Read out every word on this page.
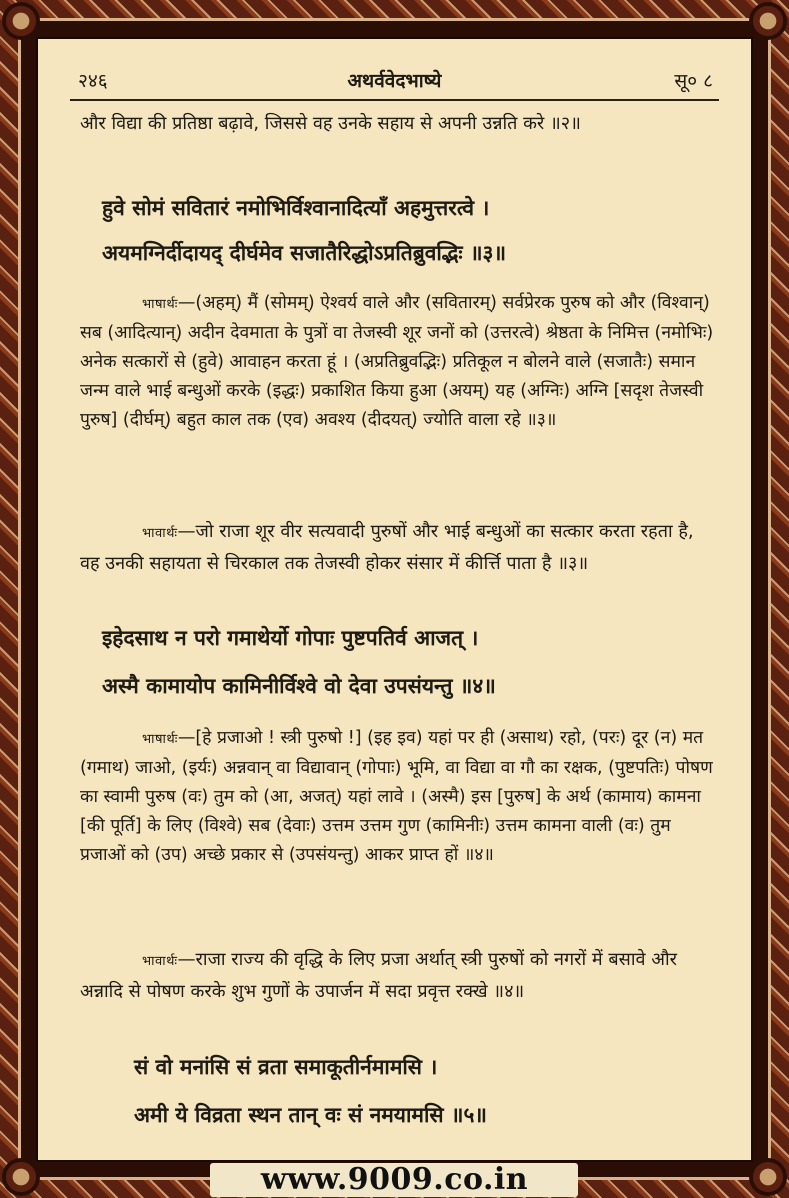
२४६	अथर्ववेदभाष्ये	सू० ८
और विद्या की प्रतिष्ठा बढ़ावे, जिससे वह उनके सहाय से अपनी उन्नति करे ॥२॥
हुवे सोमं सवितारं नमोभिर्विश्वानादित्याँ अहमुत्तरत्वे ।
अयमग्निर्दीदायद् दीर्घमेव सजातैरिद्धोऽप्रतिब्रुवद्भिः ॥३॥
भाषार्थः—(अहम्) मैं (सोमम्) ऐश्वर्य वाले और (सवितारम्) सर्वप्रेरक पुरुष को और (विश्वान्) सब (आदित्यान्) अदीन देवमाता के पुत्रों वा तेजस्वी शूर जनों को (उत्तरत्वे) श्रेष्ठता के निमित्त (नमोभिः) अनेक सत्कारों से (हुवे) आवाहन करता हूं । (अप्रतिब्रुवद्भिः) प्रतिकूल न बोलने वाले (सजातैः) समान जन्म वाले भाई बन्धुओं करके (इद्धः) प्रकाशित किया हुआ (अयम्) यह (अग्निः) अग्नि [सदृश तेजस्वी पुरुष] (दीर्घम्) बहुत काल तक (एव) अवश्य (दीदयत्) ज्योति वाला रहे ॥३॥
भावार्थः—जो राजा शूर वीर सत्यवादी पुरुषों और भाई बन्धुओं का सत्कार करता रहता है, वह उनकी सहायता से चिरकाल तक तेजस्वी होकर संसार में कीर्त्ति पाता है ॥३॥
इहेदसाथ न परो गमाथेर्यो गोपाः पुष्टपतिर्व आजत् ।
अस्मै कामायोप कामिनीर्विश्वे वो देवा उपसंयन्तु ॥४॥
भाषार्थः—[हे प्रजाओ ! स्त्री पुरुषो !] (इह इव) यहां पर ही (असाथ) रहो, (परः) दूर (न) मत (गमाथ) जाओ, (इर्यः) अन्नवान् वा विद्यावान् (गोपाः) भूमि, वा विद्या वा गौ का रक्षक, (पुष्टपतिः) पोषण का स्वामी पुरुष (वः) तुम को (आ, अजत्) यहां लावे । (अस्मै) इस [पुरुष] के अर्थ (कामाय) कामना [की पूर्ति] के लिए (विश्वे) सब (देवाः) उत्तम उत्तम गुण (कामिनीः) उत्तम कामना वाली (वः) तुम प्रजाओं को (उप) अच्छे प्रकार से (उपसंयन्तु) आकर प्राप्त हों ॥४॥
भावार्थः—राजा राज्य की वृद्धि के लिए प्रजा अर्थात् स्त्री पुरुषों को नगरों में बसावे और अन्नादि से पोषण करके शुभ गुणों के उपार्जन में सदा प्रवृत्त रक्खे ॥४॥
सं वो मनांसि सं व्रता समाकूतीर्नमामसि ।
अमी ये विव्रता स्थन तान् वः सं नमयामसि ॥५॥
www.9009.co.in
